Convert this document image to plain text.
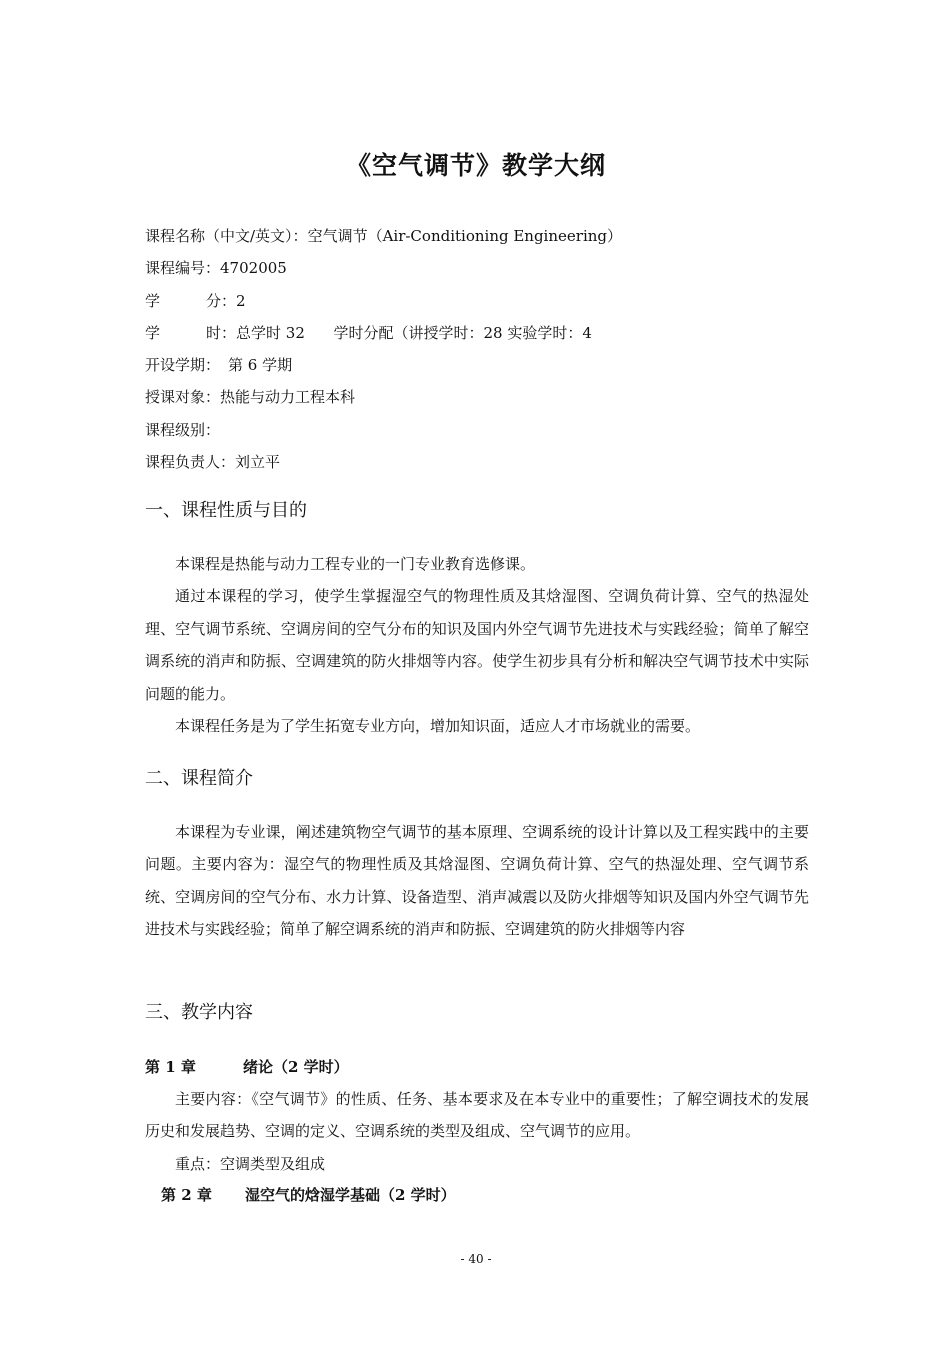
《空气调节》教学大纲
课程名称（中文/英文）：空气调节（Air-Conditioning Engineering）
课程编号：4702005
学	分：2
学	时：总学时 32      学时分配（讲授学时：28 实验学时：4
开设学期： 第 6 学期
授课对象：热能与动力工程本科
课程级别：
课程负责人：刘立平
一、课程性质与目的

本课程是热能与动力工程专业的一门专业教育选修课。

通过本课程的学习，使学生掌握湿空气的物理性质及其焓湿图、空调负荷计算、空气的热湿处理、空气调节系统、空调房间的空气分布的知识及国内外空气调节先进技术与实践经验；简单了解空调系统的消声和防振、空调建筑的防火排烟等内容。使学生初步具有分析和解决空气调节技术中实际问题的能力。

本课程任务是为了学生拓宽专业方向，增加知识面，适应人才市场就业的需要。

二、课程简介

本课程为专业课，阐述建筑物空气调节的基本原理、空调系统的设计计算以及工程实践中的主要问题。主要内容为：湿空气的物理性质及其焓湿图、空调负荷计算、空气的热湿处理、空气调节系统、空调房间的空气分布、水力计算、设备造型、消声减震以及防火排烟等知识及国内外空气调节先进技术与实践经验；简单了解空调系统的消声和防振、空调建筑的防火排烟等内容

三、教学内容
第 1 章	绪论（2 学时）

主要内容：《空气调节》的性质、任务、基本要求及在本专业中的重要性；了解空调技术的发展历史和发展趋势、空调的定义、空调系统的类型及组成、空气调节的应用。

重点：空调类型及组成

第 2 章 湿空气的焓湿学基础（2 学时）
- 40 -
